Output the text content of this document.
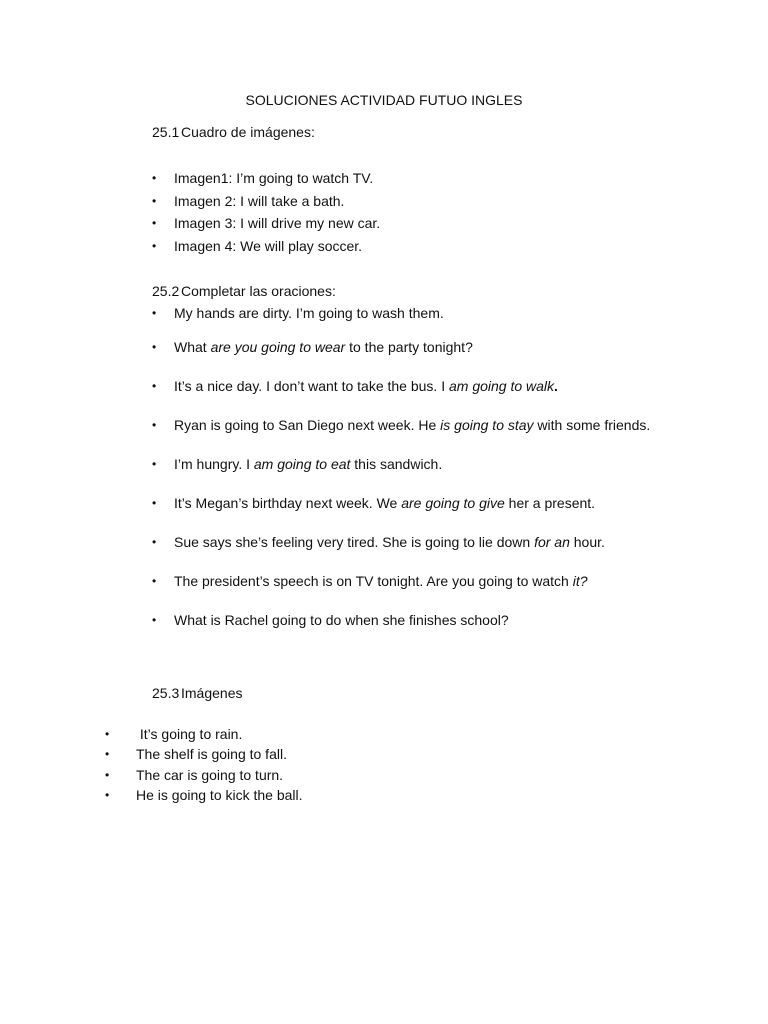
SOLUCIONES ACTIVIDAD FUTUO INGLES
25.1 Cuadro de imágenes:
• Imagen1: I’m going to watch TV.
• Imagen 2: I will take a bath.
• Imagen 3: I will drive my new car.
• Imagen 4: We will play soccer.
25.2 Completar las oraciones:
• My hands are dirty. I’m going to wash them.
• What are you going to wear to the party tonight?
• It’s a nice day. I don’t want to take the bus. I am going to walk.
• Ryan is going to San Diego next week. He is going to stay with some friends.
• I’m hungry. I am going to eat this sandwich.
• It’s Megan’s birthday next week. We are going to give her a present.
• Sue says she’s feeling very tired. She is going to lie down for an hour.
• The president’s speech is on TV tonight. Are you going to watch it?
• What is Rachel going to do when she finishes school?
25.3 Imágenes
• It’s going to rain.
• The shelf is going to fall.
• The car is going to turn.
• He is going to kick the ball.
